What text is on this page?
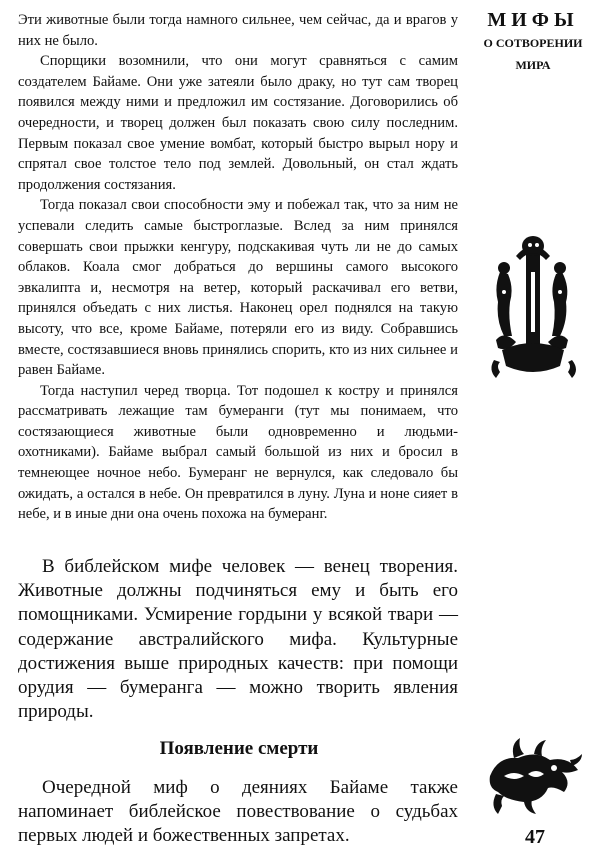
МИФЫ
О СОТВОРЕНИИ
МИРА

Эти животные были тогда намного сильнее, чем сейчас, да и врагов у них не было.

Спорщики возомнили, что они могут сравняться с самим создателем Байаме. Они уже затеяли было драку, но тут сам творец появился между ними и предложил им состязание. Договорились об очередности, и творец должен был показать свою силу последним. Первым показал свое умение вомбат, который быстро вырыл нору и спрятал свое толстое тело под землей. Довольный, он стал ждать продолжения состязания.

Тогда показал свои способности эму и побежал так, что за ним не успевали следить самые быстроглазые. Вслед за ним принялся совершать свои прыжки кенгуру, подскакивая чуть ли не до самых облаков. Коала смог добраться до вершины самого высокого эвкалипта и, несмотря на ветер, который раскачивал его ветви, принялся объедать с них листья. Наконец орел поднялся на такую высоту, что все, кроме Байаме, потеряли его из виду. Собравшись вместе, состязавшиеся вновь принялись спорить, кто из них сильнее и равен Байаме.

Тогда наступил черед творца. Тот подошел к костру и принялся рассматривать лежащие там бумеранги (тут мы понимаем, что состязающиеся животные были одновременно и людьми-охотниками). Байаме выбрал самый большой из них и бросил в темнеющее ночное небо. Бумеранг не вернулся, как следовало бы ожидать, а остался в небе. Он превратился в луну. Луна и ноне сияет в небе, и в иные дни она очень похожа на бумеранг.

В библейском мифе человек — венец творения. Животные должны подчиняться ему и быть его помощниками. Усмирение гордыни у всякой твари — содержание австралийского мифа. Культурные достижения выше природных качеств: при помощи орудия — бумеранга — можно творить явления природы.

Появление смерти

Очередной миф о деяниях Байаме также напоминает библейское повествование о судьбах первых людей и божественных запретах.	47
